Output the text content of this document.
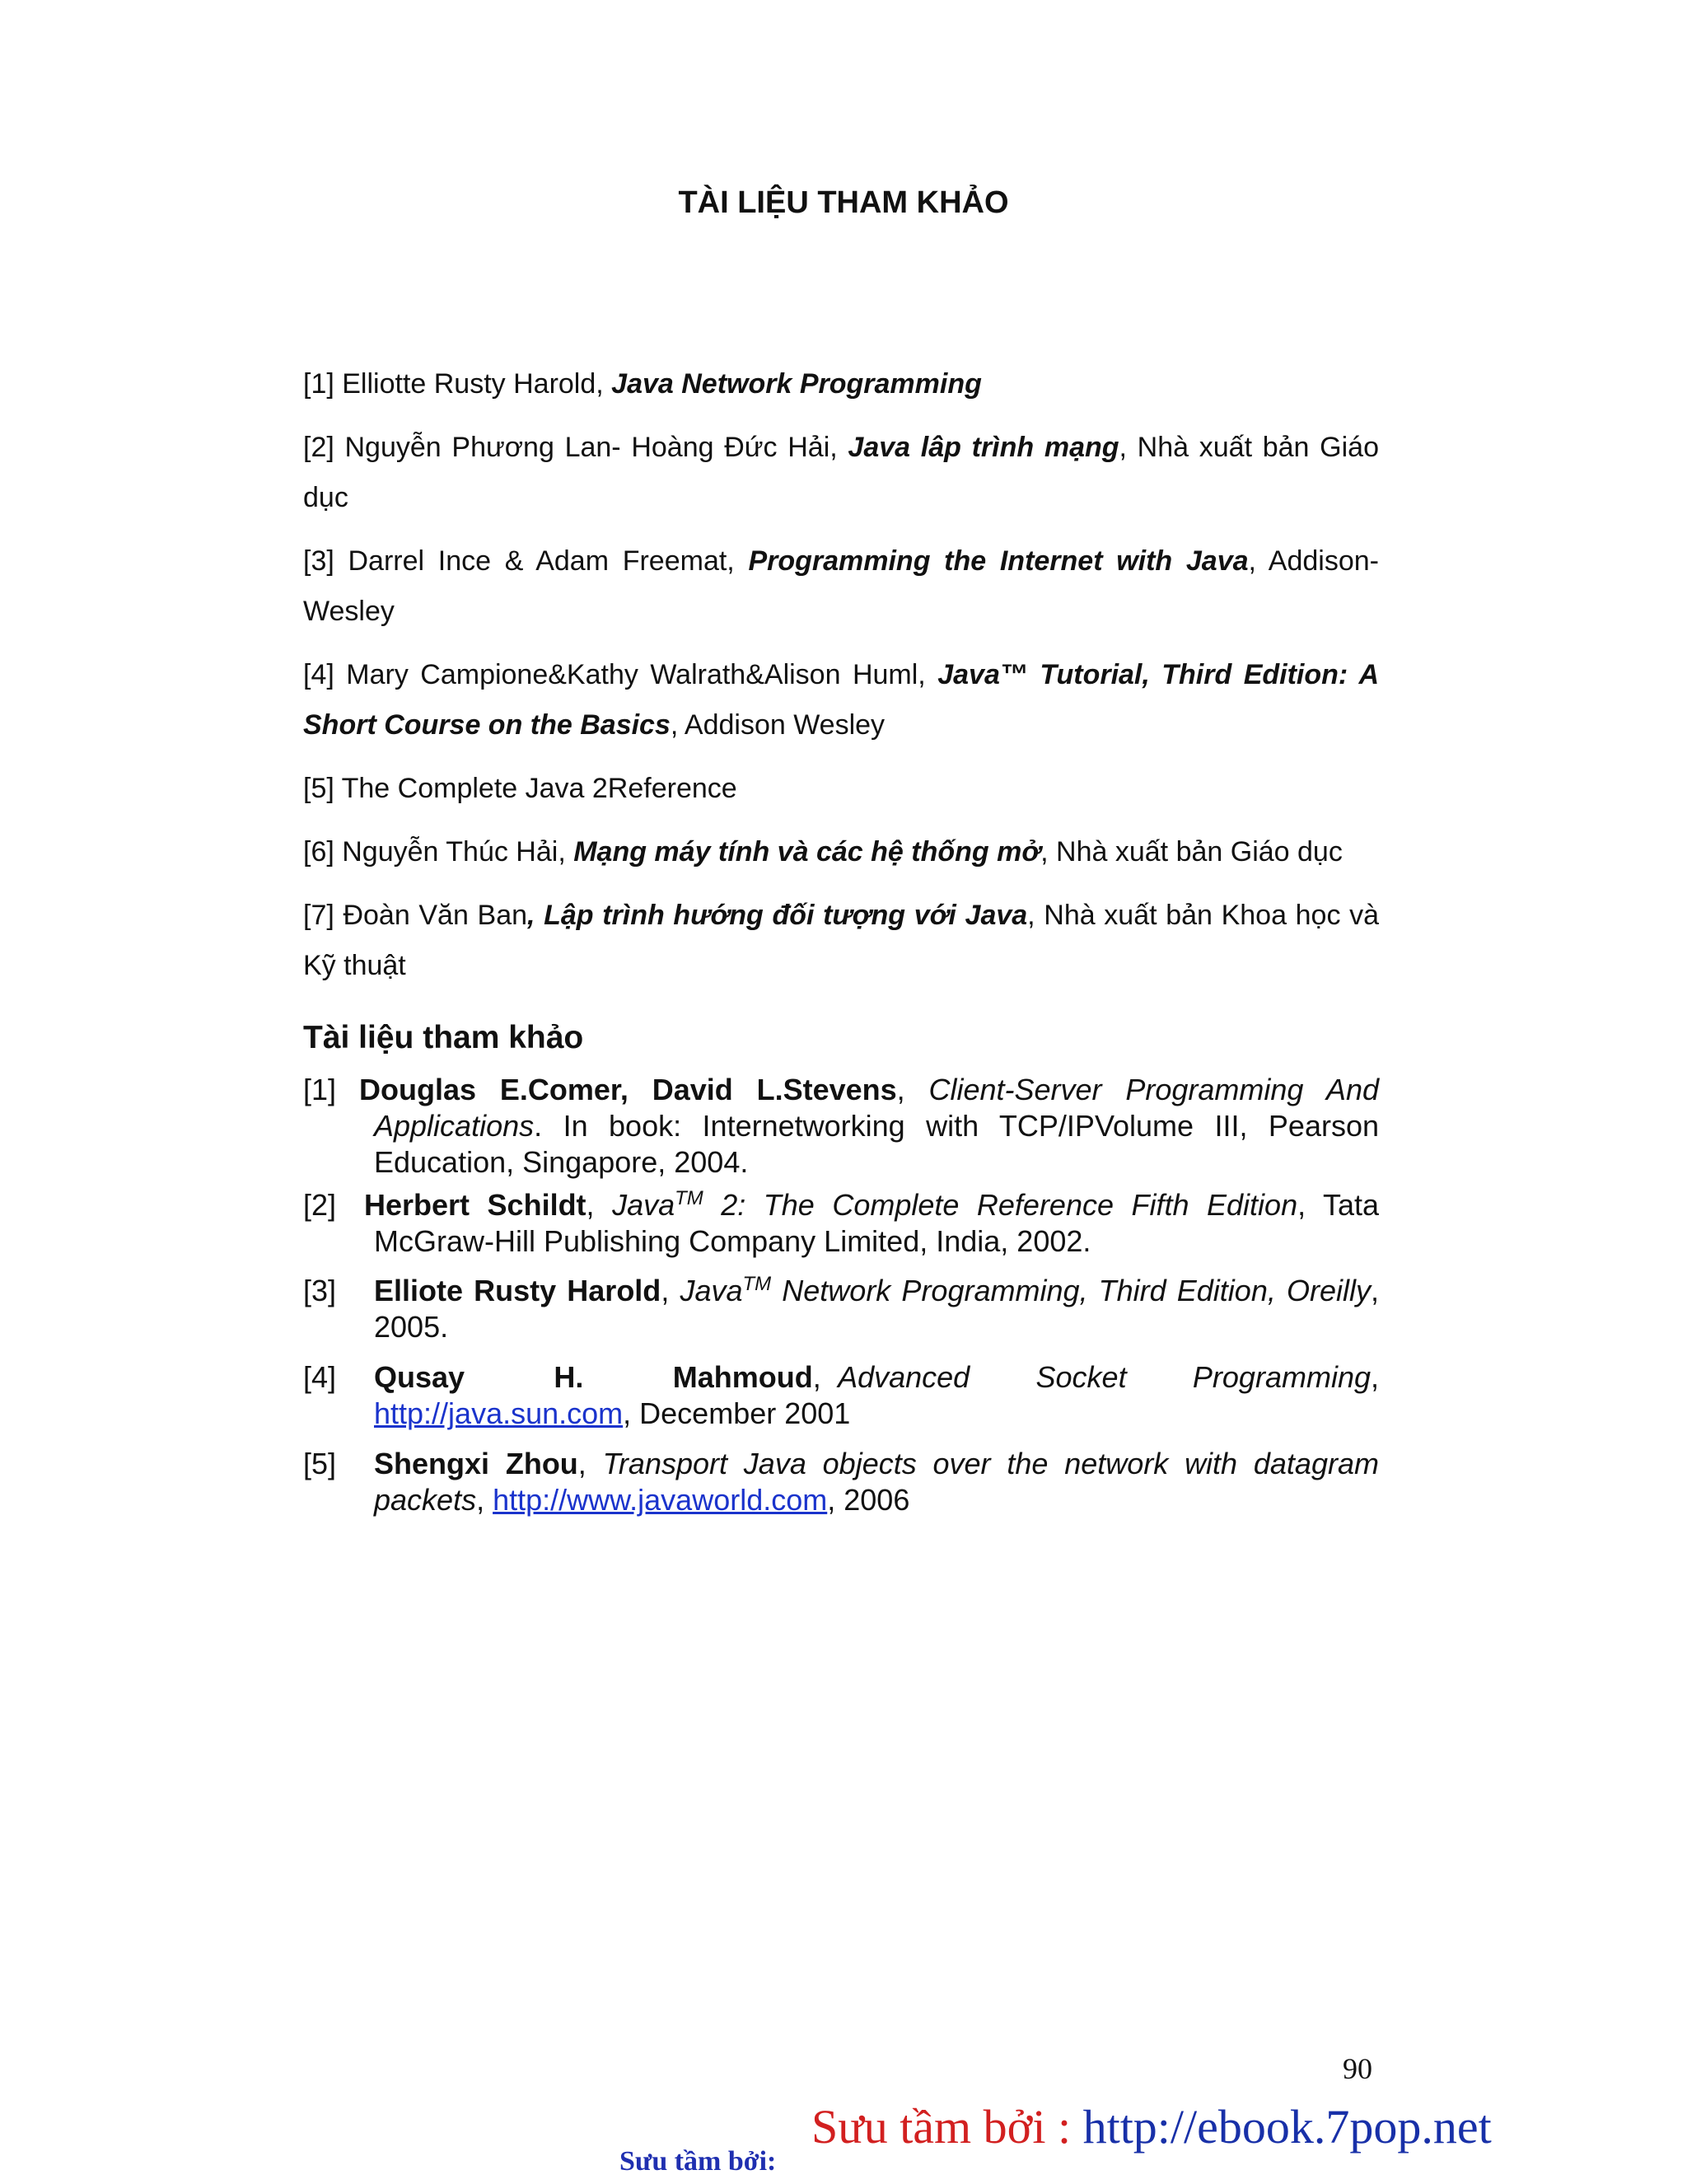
TÀI LIỆU THAM KHẢO
[1] Elliotte Rusty Harold, Java Network Programming
[2] Nguyễn Phương Lan- Hoàng Đức Hải, Java lâp trình mạng, Nhà xuất bản Giáo dục
[3] Darrel Ince & Adam Freemat, Programming the Internet with Java, Addison-Wesley
[4] Mary Campione&Kathy Walrath&Alison Huml, Java™ Tutorial, Third Edition: A Short Course on the Basics, Addison Wesley
[5] The Complete Java 2Reference
[6] Nguyễn Thúc Hải, Mạng máy tính và các hệ thống mở, Nhà xuất bản Giáo dục
[7] Đoàn Văn Ban, Lập trình hướng đối tượng với Java, Nhà xuất bản Khoa học và Kỹ thuật
Tài liệu tham khảo
[1] Douglas E.Comer, David L.Stevens, Client-Server Programming And Applications. In book: Internetworking with TCP/IPVolume III, Pearson Education, Singapore, 2004.
[2] Herbert Schildt, Java™ 2: The Complete Reference Fifth Edition, Tata McGraw-Hill Publishing Company Limited, India, 2002.
[3]	Elliote Rusty Harold, Java™ Network Programming, Third Edition, Oreilly, 2005.
[4]	Qusay H. Mahmoud, Advanced Socket Programming, http://java.sun.com, December 2001
[5]	Shengxi Zhou, Transport Java objects over the network with datagram packets, http://www.javaworld.com, 2006
90
Sưu tầm bởi : http://ebook.7pop.net
Sưu tầm bởi:
